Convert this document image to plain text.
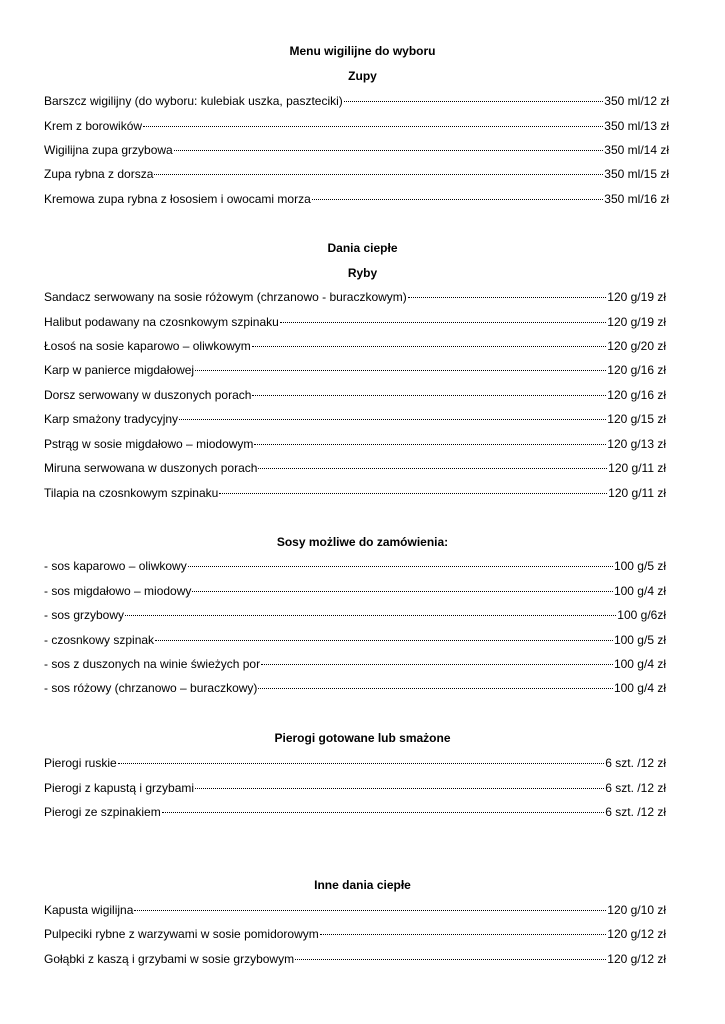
Menu wigilijne do wyboru
Zupy
Barszcz wigilijny (do wyboru: kulebiak uszka, paszteciki)	350 ml/12 zł
Krem z borowików	350 ml/13 zł
Wigilijna zupa grzybowa	350 ml/14 zł
Zupa rybna z dorsza	350 ml/15 zł
Kremowa zupa rybna z łososiem i owocami morza	350 ml/16 zł
Dania ciepłe
Ryby
Sandacz serwowany na sosie różowym (chrzanowo - buraczkowym)	120 g/19 zł
Halibut podawany na czosnkowym szpinaku	120 g/19 zł
Łosoś na sosie kaparowo – oliwkowym	120 g/20 zł
Karp w panierce migdałowej	120 g/16 zł
Dorsz serwowany w duszonych porach	120 g/16 zł
Karp smażony tradycyjny	120 g/15 zł
Pstrąg w sosie migdałowo – miodowym	120 g/13 zł
Miruna serwowana w duszonych porach	120 g/11 zł
Tilapia na czosnkowym szpinaku	120 g/11 zł
Sosy możliwe do zamówienia:
- sos kaparowo – oliwkowy	100 g/5 zł
- sos migdałowo – miodowy	100 g/4 zł
- sos grzybowy	100 g/6zł
- czosnkowy szpinak	100 g/5 zł
- sos z duszonych na winie świeżych por	100 g/4 zł
- sos różowy (chrzanowo – buraczkowy)	100 g/4 zł
Pierogi gotowane lub smażone
Pierogi ruskie	6 szt. /12 zł
Pierogi z kapustą i grzybami	6 szt. /12 zł
Pierogi ze szpinakiem	6 szt. /12 zł
Inne dania ciepłe
Kapusta wigilijna	120 g/10 zł
Pulpeciki rybne z warzywami w sosie pomidorowym	120 g/12 zł
Gołąbki z kaszą i grzybami w sosie grzybowym	120 g/12 zł
